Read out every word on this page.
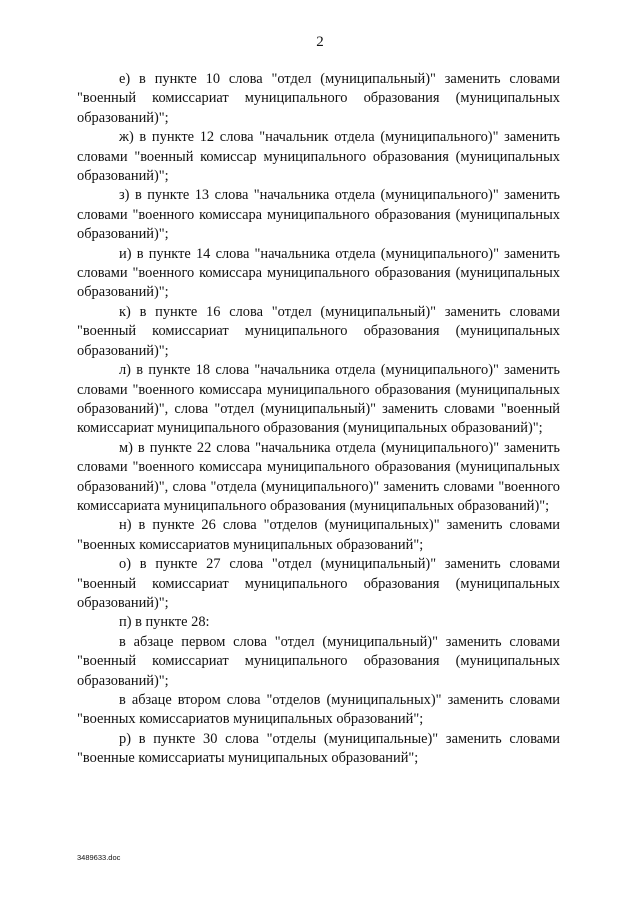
2

е) в пункте 10 слова "отдел (муниципальный)" заменить словами "военный комиссариат муниципального образования (муниципальных образований)";

ж) в пункте 12 слова "начальник отдела (муниципального)" заменить словами "военный комиссар муниципального образования (муниципальных образований)";

з) в пункте 13 слова "начальника отдела (муниципального)" заменить словами "военного комиссара муниципального образования (муниципальных образований)";

и) в пункте 14 слова "начальника отдела (муниципального)" заменить словами "военного комиссара муниципального образования (муниципальных образований)";

к) в пункте 16 слова "отдел (муниципальный)" заменить словами "военный комиссариат муниципального образования (муниципальных образований)";

л) в пункте 18 слова "начальника отдела (муниципального)" заменить словами "военного комиссара муниципального образования (муниципальных образований)", слова "отдел (муниципальный)" заменить словами "военный комиссариат муниципального образования (муниципальных образований)";

м) в пункте 22 слова "начальника отдела (муниципального)" заменить словами "военного комиссара муниципального образования (муниципальных образований)", слова "отдела (муниципального)" заменить словами "военного комиссариата муниципального образования (муниципальных образований)";

н) в пункте 26 слова "отделов (муниципальных)" заменить словами "военных комиссариатов муниципальных образований";

о) в пункте 27 слова "отдел (муниципальный)" заменить словами "военный комиссариат муниципального образования (муниципальных образований)";

п) в пункте 28:

в абзаце первом слова "отдел (муниципальный)" заменить словами "военный комиссариат муниципального образования (муниципальных образований)";

в абзаце втором слова "отделов (муниципальных)" заменить словами "военных комиссариатов муниципальных образований";

р) в пункте 30 слова "отделы (муниципальные)" заменить словами "военные комиссариаты муниципальных образований";

3489633.doc
